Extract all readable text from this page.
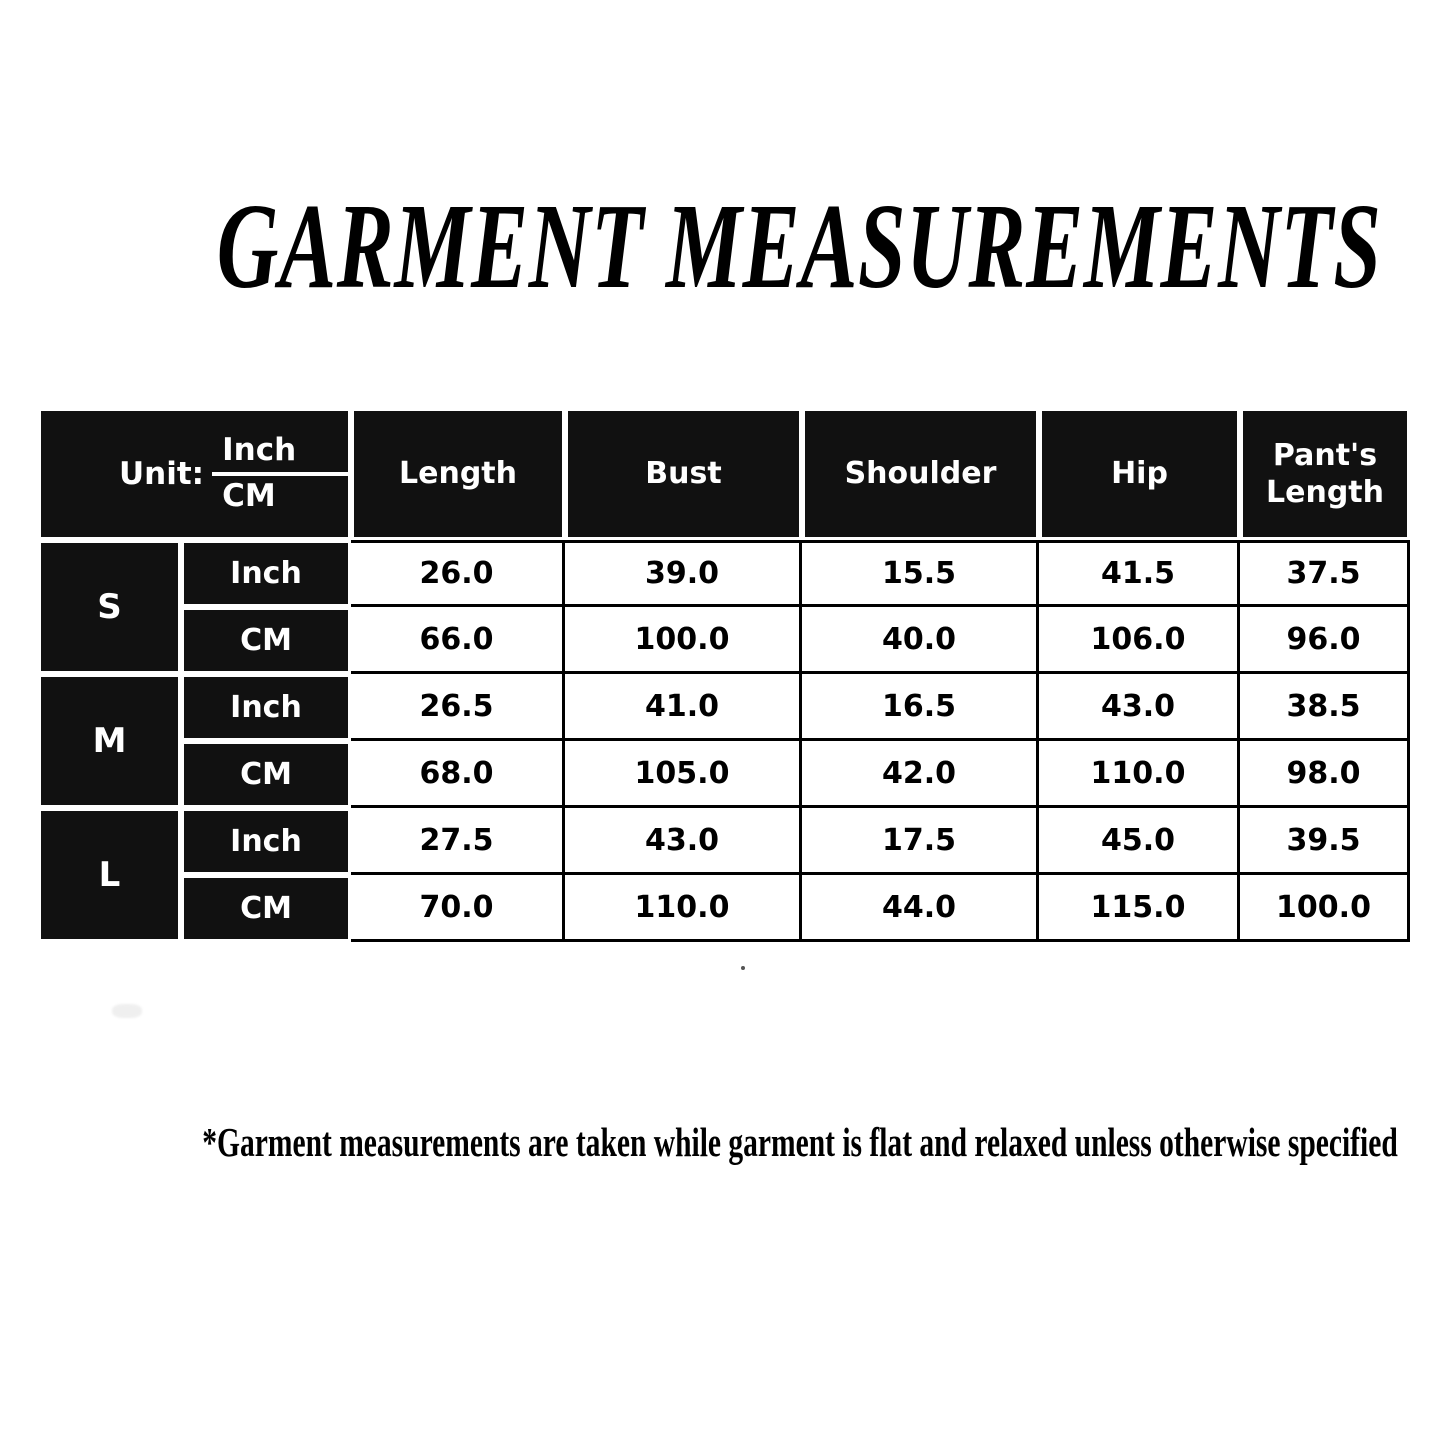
GARMENT MEASUREMENTS
Unit: $\frac{\text{Inch}}{CM}$		Length	Bust	Shoulder	Hip	Pant's Length
S	Inch	26.0	39.0	15.5	41.5	37.5
	CM	66.0	100.0	40.0	106.0	96.0
M	Inch	26.5	41.0	16.5	43.0	38.5
	CM	68.0	105.0	42.0	110.0	98.0
L	Inch	27.5	43.0	17.5	45.0	39.5
	CM	70.0	110.0	44.0	115.0	100.0

*Garment measurements are taken while garment is flat and relaxed unless otherwise specified
